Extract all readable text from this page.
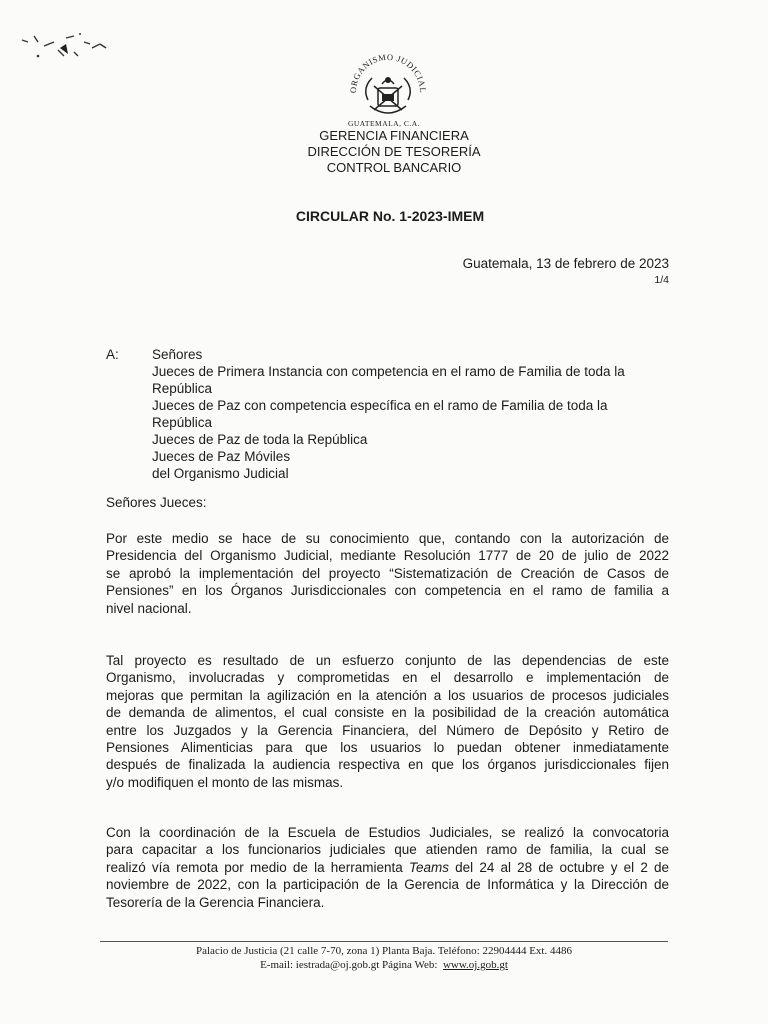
ORGANISMO JUDICIAL
GUATEMALA, C.A.
GERENCIA FINANCIERA
DIRECCIÓN DE TESORERÍA
CONTROL BANCARIO
CIRCULAR No. 1-2023-IMEM
Guatemala, 13 de febrero de 2023
1/4
A: Señores
Jueces de Primera Instancia con competencia en el ramo de Familia de toda la
República
Jueces de Paz con competencia específica en el ramo de Familia de toda la
República
Jueces de Paz de toda la República
Jueces de Paz Móviles
del Organismo Judicial
Señores Jueces:
Por este medio se hace de su conocimiento que, contando con la autorización de
Presidencia del Organismo Judicial, mediante Resolución 1777 de 20 de julio de 2022
se aprobó la implementación del proyecto “Sistematización de Creación de Casos de
Pensiones” en los Órganos Jurisdiccionales con competencia en el ramo de familia a
nivel nacional.
Tal proyecto es resultado de un esfuerzo conjunto de las dependencias de este
Organismo, involucradas y comprometidas en el desarrollo e implementación de
mejoras que permitan la agilización en la atención a los usuarios de procesos judiciales
de demanda de alimentos, el cual consiste en la posibilidad de la creación automática
entre los Juzgados y la Gerencia Financiera, del Número de Depósito y Retiro de
Pensiones Alimenticias para que los usuarios lo puedan obtener inmediatamente
después de finalizada la audiencia respectiva en que los órganos jurisdiccionales fijen
y/o modifiquen el monto de las mismas.
Con la coordinación de la Escuela de Estudios Judiciales, se realizó la convocatoria
para capacitar a los funcionarios judiciales que atienden ramo de familia, la cual se
realizó vía remota por medio de la herramienta Teams del 24 al 28 de octubre y el 2 de
noviembre de 2022, con la participación de la Gerencia de Informática y la Dirección de
Tesorería de la Gerencia Financiera.
Palacio de Justicia (21 calle 7-70, zona 1) Planta Baja. Teléfono: 22904444 Ext. 4486
E-mail: iestrada@oj.gob.gt Página Web:  www.oj.gob.gt
